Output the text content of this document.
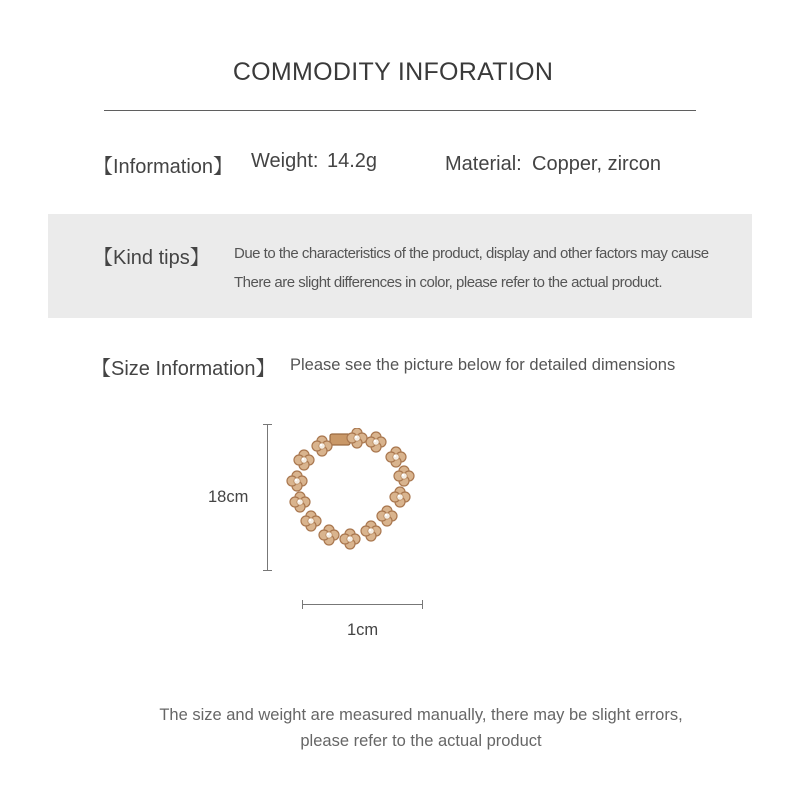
COMMODITY INFORATION
【Information】 Weight: 14.2g	Material: Copper, zircon
【Kind tips】 Due to the characteristics of the product, display and other factors may cause
There are slight differences in color, please refer to the actual product.
【Size Information】 Please see the picture below for detailed dimensions
18cm
1cm
The size and weight are measured manually, there may be slight errors,
please refer to the actual product
